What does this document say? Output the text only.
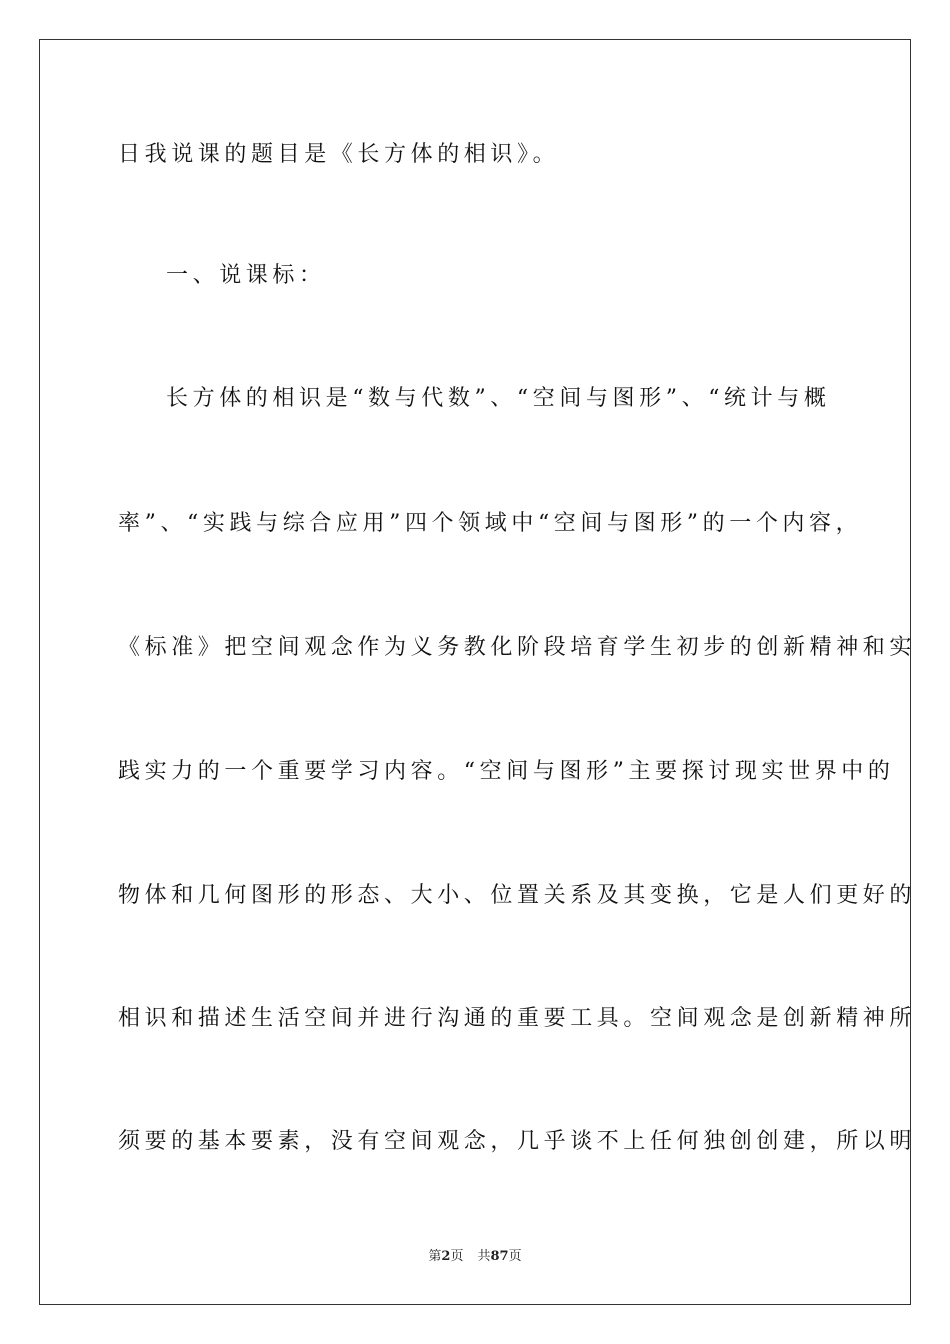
日我说课的题目是《长方体的相识》。
一、说课标：
长方体的相识是“数与代数”、“空间与图形”、“统计与概
率”、“实践与综合应用”四个领域中“空间与图形”的一个内容，
《标准》把空间观念作为义务教化阶段培育学生初步的创新精神和实
践实力的一个重要学习内容。“空间与图形”主要探讨现实世界中的
物体和几何图形的形态、大小、位置关系及其变换，它是人们更好的
相识和描述生活空间并进行沟通的重要工具。空间观念是创新精神所
须要的基本要素，没有空间观念，几乎谈不上任何独创创建，所以明
第2页 共87页
